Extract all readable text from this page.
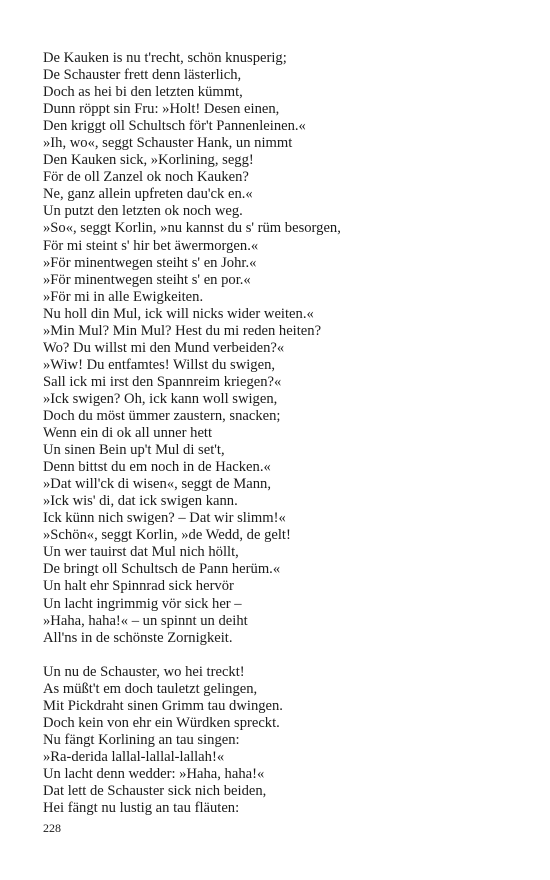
De Kauken is nu t'recht, schön knusperig;
De Schauster frett denn lästerlich,
Doch as hei bi den letzten kümmt,
Dunn röppt sin Fru: »Holt! Desen einen,
Den kriggt oll Schultsch för't Pannenleinen.«
»Ih, wo«, seggt Schauster Hank, un nimmt
Den Kauken sick, »Korlining, segg!
För de oll Zanzel ok noch Kauken?
Ne, ganz allein upfreten dau'ck en.«
Un putzt den letzten ok noch weg.
»So«, seggt Korlin, »nu kannst du s' rüm besorgen,
För mi steint s' hir bet äwermorgen.«
»För minentwegen steiht s' en Johr.«
»För minentwegen steiht s' en por.«
»För mi in alle Ewigkeiten.
Nu holl din Mul, ick will nicks wider weiten.«
»Min Mul? Min Mul? Hest du mi reden heiten?
Wo? Du willst mi den Mund verbeiden?«
»Wiw! Du entfamtes! Willst du swigen,
Sall ick mi irst den Spannreim kriegen?«
»Ick swigen? Oh, ick kann woll swigen,
Doch du möst ümmer zaustern, snacken;
Wenn ein di ok all unner hett
Un sinen Bein up't Mul di set't,
Denn bittst du em noch in de Hacken.«
»Dat will'ck di wisen«, seggt de Mann,
»Ick wis' di, dat ick swigen kann.
Ick künn nich swigen? – Dat wir slimm!«
»Schön«, seggt Korlin, »de Wedd, de gelt!
Un wer tauirst dat Mul nich höllt,
De bringt oll Schultsch de Pann herüm.«
Un halt ehr Spinnrad sick hervör
Un lacht ingrimmig vör sick her –
»Haha, haha!« – un spinnt un deiht
All'ns in de schönste Zornigkeit.
Un nu de Schauster, wo hei treckt!
As müßt't em doch tauletzt gelingen,
Mit Pickdraht sinen Grimm tau dwingen.
Doch kein von ehr ein Würdken spreckt.
Nu fängt Korlining an tau singen:
»Ra-derida lallal-lallal-lallah!«
Un lacht denn wedder: »Haha, haha!«
Dat lett de Schauster sick nich beiden,
Hei fängt nu lustig an tau fläuten:
228
